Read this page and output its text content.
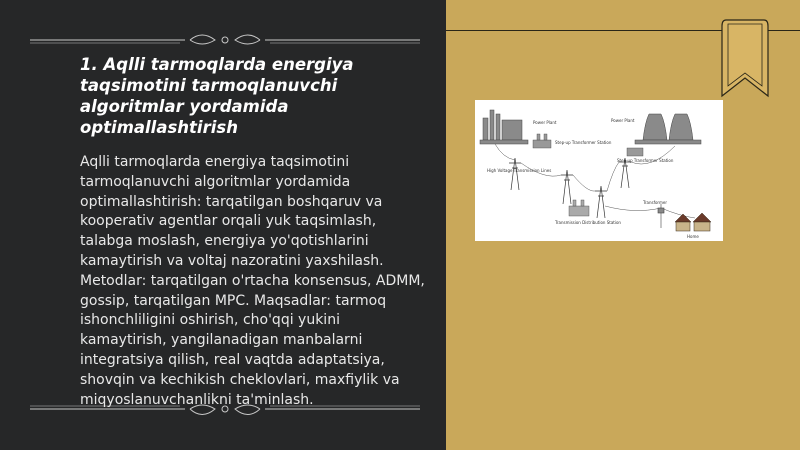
1. Aqlli tarmoqlarda energiya taqsimotini tarmoqlanuvchi algoritmlar yordamida optimallashtirish

Aqlli tarmoqlarda energiya taqsimotini tarmoqlanuvchi algoritmlar yordamida optimallashtirish: tarqatilgan boshqaruv va kooperativ agentlar orqali yuk taqsimlash, talabga moslash, energiya yo'qotishlarini kamaytirish va voltaj nazoratini yaxshilash. Metodlar: tarqatilgan o'rtacha konsensus, ADMM, gossip, tarqatilgan MPC. Maqsadlar: tarmoq ishonchliligini oshirish, cho'qqi yukini kamaytirish, yangilanadigan manbalarni integratsiya qilish, real vaqtda adaptatsiya, shovqin va kechikish cheklovlari, maxfiylik va miqyoslanuvchanlikni ta'minlash.

Power Plant
Step-up Transformer Station
High Voltage Transmission Lines
Power Plant
Step-up Transformer Station
Transmission Distribution Station
Transformer
Home
